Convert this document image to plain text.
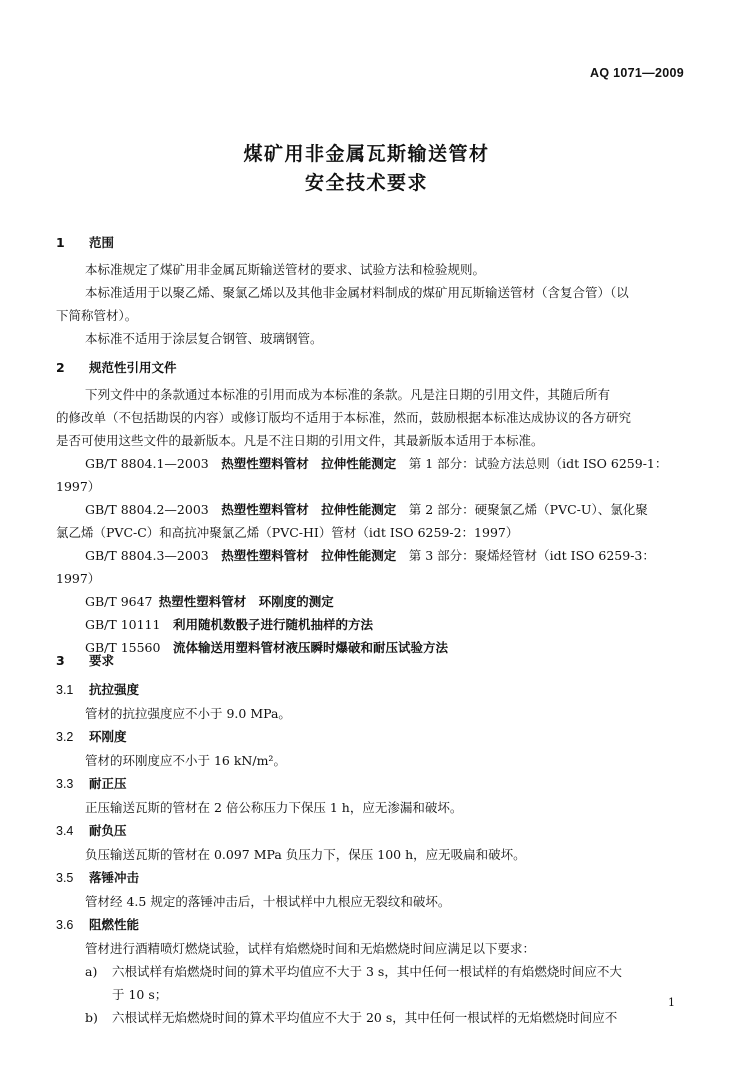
AQ 1071—2009
煤矿用非金属瓦斯输送管材
安全技术要求
1 范围
本标准规定了煤矿用非金属瓦斯输送管材的要求、试验方法和检验规则。
本标准适用于以聚乙烯、聚氯乙烯以及其他非金属材料制成的煤矿用瓦斯输送管材（含复合管）（以
下简称管材）。
本标准不适用于涂层复合钢管、玻璃钢管。
2 规范性引用文件
下列文件中的条款通过本标准的引用而成为本标准的条款。凡是注日期的引用文件，其随后所有
的修改单（不包括勘误的内容）或修订版均不适用于本标准，然而，鼓励根据本标准达成协议的各方研究
是否可使用这些文件的最新版本。凡是不注日期的引用文件，其最新版本适用于本标准。
GB/T 8804.1—2003  热塑性塑料管材  拉伸性能测定  第 1 部分：试验方法总则（idt ISO 6259-1：
1997）
GB/T 8804.2—2003  热塑性塑料管材  拉伸性能测定  第 2 部分：硬聚氯乙烯（PVC-U）、氯化聚
氯乙烯（PVC-C）和高抗冲聚氯乙烯（PVC-HI）管材（idt ISO 6259-2：1997）
GB/T 8804.3—2003  热塑性塑料管材  拉伸性能测定  第 3 部分：聚烯烃管材（idt ISO 6259-3：
1997）
GB/T 9647  热塑性塑料管材  环刚度的测定
GB/T 10111  利用随机数骰子进行随机抽样的方法
GB/T 15560  流体输送用塑料管材液压瞬时爆破和耐压试验方法
3 要求
3.1 抗拉强度
管材的抗拉强度应不小于 9.0 MPa。
3.2 环刚度
管材的环刚度应不小于 16 kN/m²。
3.3 耐正压
正压输送瓦斯的管材在 2 倍公称压力下保压 1 h，应无渗漏和破坏。
3.4 耐负压
负压输送瓦斯的管材在 0.097 MPa 负压力下，保压 100 h，应无吸扁和破坏。
3.5 落锤冲击
管材经 4.5 规定的落锤冲击后，十根试样中九根应无裂纹和破坏。
3.6 阻燃性能
管材进行酒精喷灯燃烧试验，试样有焰燃烧时间和无焰燃烧时间应满足以下要求：
a) 六根试样有焰燃烧时间的算术平均值应不大于 3 s，其中任何一根试样的有焰燃烧时间应不大
于 10 s；
b) 六根试样无焰燃烧时间的算术平均值应不大于 20 s，其中任何一根试样的无焰燃烧时间应不
1
